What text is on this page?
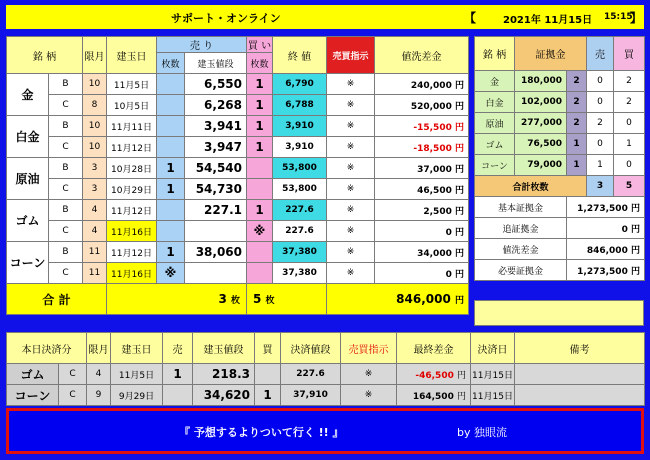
サポート・オンライン	【	2021年 11月15日 15:15
】
銘 柄		限月	建玉日	売 り		買 い	終 値	売買指示	値洗差金
				枚数	建玉値段	枚数			
金	B	10	11月5日		6,550	1	6,790	※	240,000 円
	C	8	10月5日		6,268	1	6,788	※	520,000 円
白金	B	10	11月11日		3,941	1	3,910	※	-15,500 円
	C	10	11月12日		3,947	1	3,910	※	-18,500 円
原油	B	3	10月28日	1	54,540		53,800	※	37,000 円
	C	3	10月29日	1	54,730		53,800	※	46,500 円
ゴム	B	4	11月12日		227.1	1	227.6	※	2,500 円
	C	4	11月16日			※	227.6	※	0 円
コーン	B	11	11月12日	1	38,060		37,380	※	34,000 円
	C	11	11月16日	※			37,380	※	0 円
合 計			3 枚			5 枚		846,000 円	
銘 柄	証拠金		売	買
金	180,000	2	0	2
白金	102,000	2	0	2
原油	277,000	2	2	0
ゴム	76,500	1	0	1
コーン	79,000	1	1	0
合計枚数			3	5
基本証拠金		1,273,500 円		
追証拠金		0 円		
値洗差金		846,000 円		
必要証拠金		1,273,500 円		
本日決済分		限月	建玉日	売	建玉値段	買	決済値段	売買指示	最終差金	決済日	備考
ゴム	C	4	11月5日	1	218.3		227.6	※	-46,500 円	11月15日	
コーン	C	9	9月29日		34,620	1	37,910	※	164,500 円	11月15日	
『 予想するよりついて行く !! 』	by 独眼流
